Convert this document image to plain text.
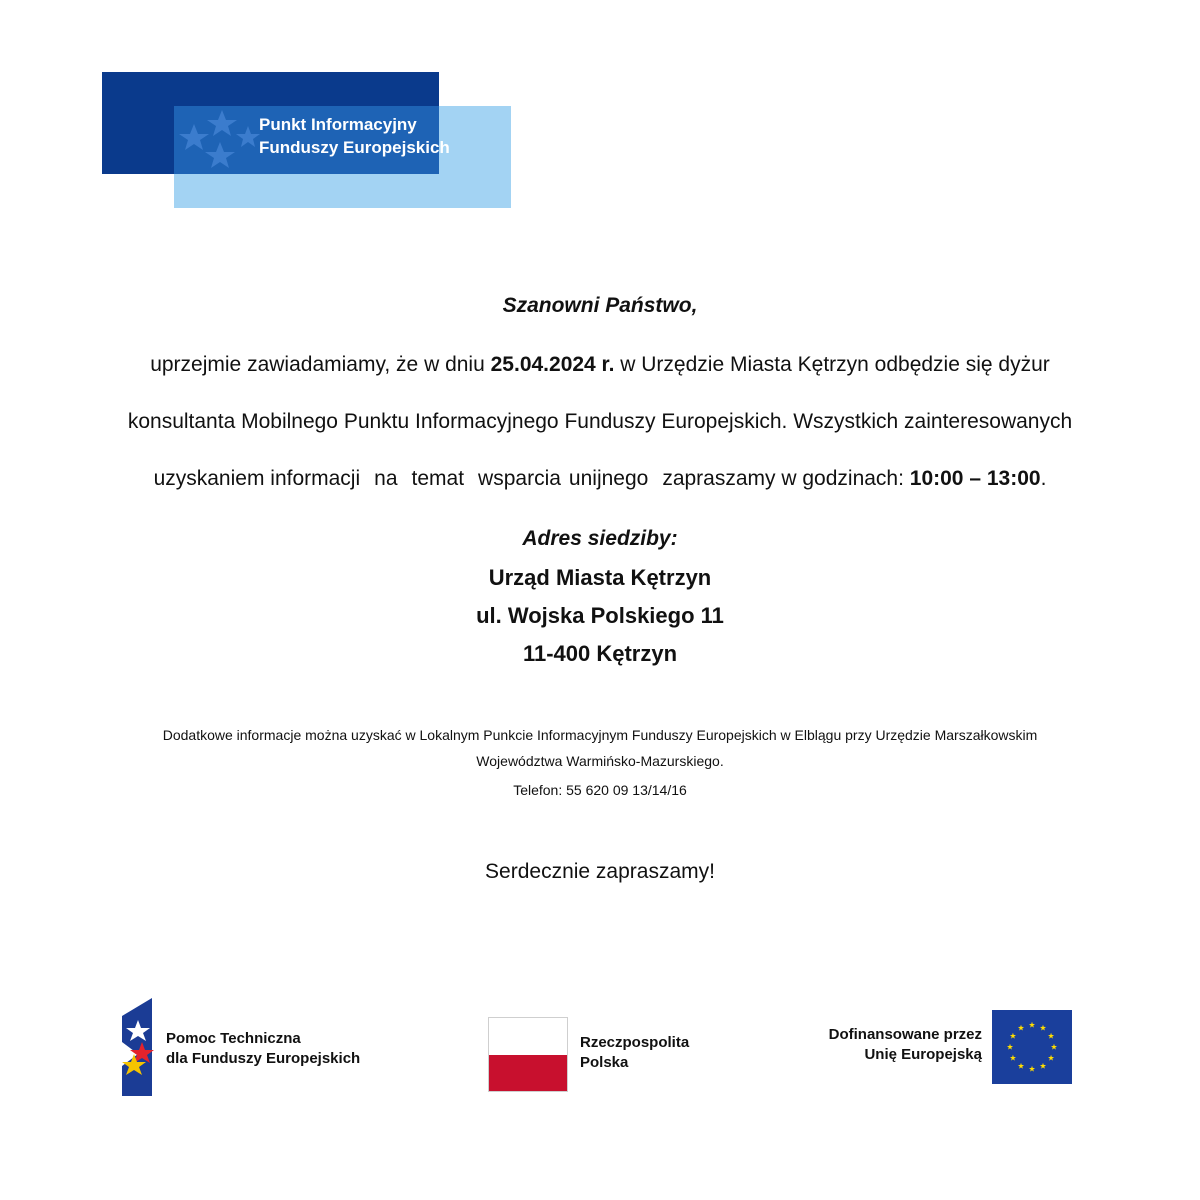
Punkt Informacyjny
Funduszy Europejskich
Szanowni Państwo,
uprzejmie zawiadamiamy, że w dniu 25.04.2024 r. w Urzędzie Miasta Kętrzyn odbędzie się dyżur
konsultanta Mobilnego Punktu Informacyjnego Funduszy Europejskich. Wszystkich zainteresowanych
uzyskaniem informacji na temat wsparcia unijnego zapraszamy w godzinach: 10:00 – 13:00.
Adres siedziby:
Urząd Miasta Kętrzyn
ul. Wojska Polskiego 11
11-400 Kętrzyn
Dodatkowe informacje można uzyskać w Lokalnym Punkcie Informacyjnym Funduszy Europejskich w Elblągu przy Urzędzie Marszałkowskim
Województwa Warmińsko-Mazurskiego.
Telefon: 55 620 09 13/14/16
Serdecznie zapraszamy!
Pomoc Techniczna
dla Funduszy Europejskich
Rzeczpospolita
Polska
Dofinansowane przez
Unię Europejską
